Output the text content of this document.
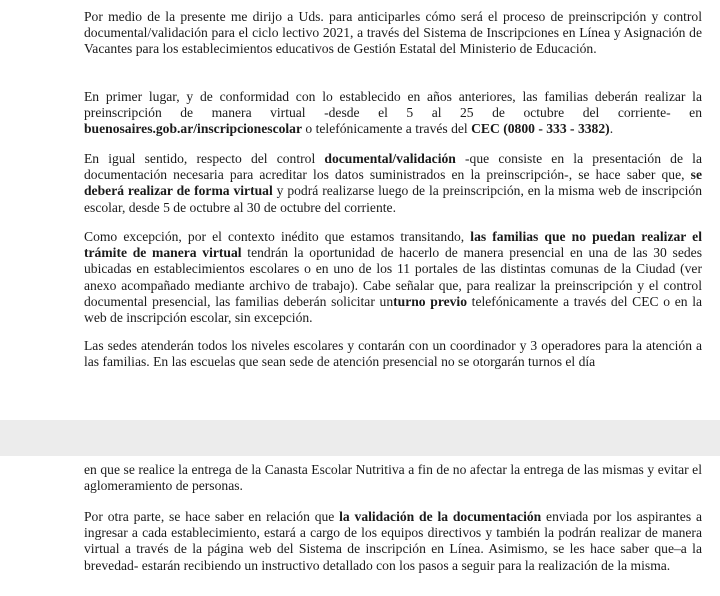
Por medio de la presente me dirijo a Uds. para anticiparles cómo será el proceso de preinscripción y control documental/validación para el ciclo lectivo 2021, a través del Sistema de Inscripciones en Línea y Asignación de Vacantes para los establecimientos educativos de Gestión Estatal del Ministerio de Educación.

En primer lugar, y de conformidad con lo establecido en años anteriores, las familias deberán realizar la preinscripción de manera virtual -desde el 5 al 25 de octubre del corriente- en buenosaires.gob.ar/inscripcionescolar o telefónicamente a través del CEC (0800 - 333 - 3382).

En igual sentido, respecto del control documental/validación -que consiste en la presentación de la documentación necesaria para acreditar los datos suministrados en la preinscripción-, se hace saber que, se deberá realizar de forma virtual y podrá realizarse luego de la preinscripción, en la misma web de inscripción escolar, desde 5 de octubre al 30 de octubre del corriente.

Como excepción, por el contexto inédito que estamos transitando, las familias que no puedan realizar el trámite de manera virtual tendrán la oportunidad de hacerlo de manera presencial en una de las 30 sedes ubicadas en establecimientos escolares o en uno de los 11 portales de las distintas comunas de la Ciudad (ver anexo acompañado mediante archivo de trabajo). Cabe señalar que, para realizar la preinscripción y el control documental presencial, las familias deberán solicitar unturno previo telefónicamente a través del CEC o en la web de inscripción escolar, sin excepción.

Las sedes atenderán todos los niveles escolares y contarán con un coordinador y 3 operadores para la atención a las familias. En las escuelas que sean sede de atención presencial no se otorgarán turnos el día

en que se realice la entrega de la Canasta Escolar Nutritiva a fin de no afectar la entrega de las mismas y evitar el aglomeramiento de personas.

Por otra parte, se hace saber en relación que la validación de la documentación enviada por los aspirantes a ingresar a cada establecimiento, estará a cargo de los equipos directivos y también la podrán realizar de manera virtual a través de la página web del Sistema de inscripción en Línea. Asimismo, se les hace saber que–a la brevedad- estarán recibiendo un instructivo detallado con los pasos a seguir para la realización de la misma.
